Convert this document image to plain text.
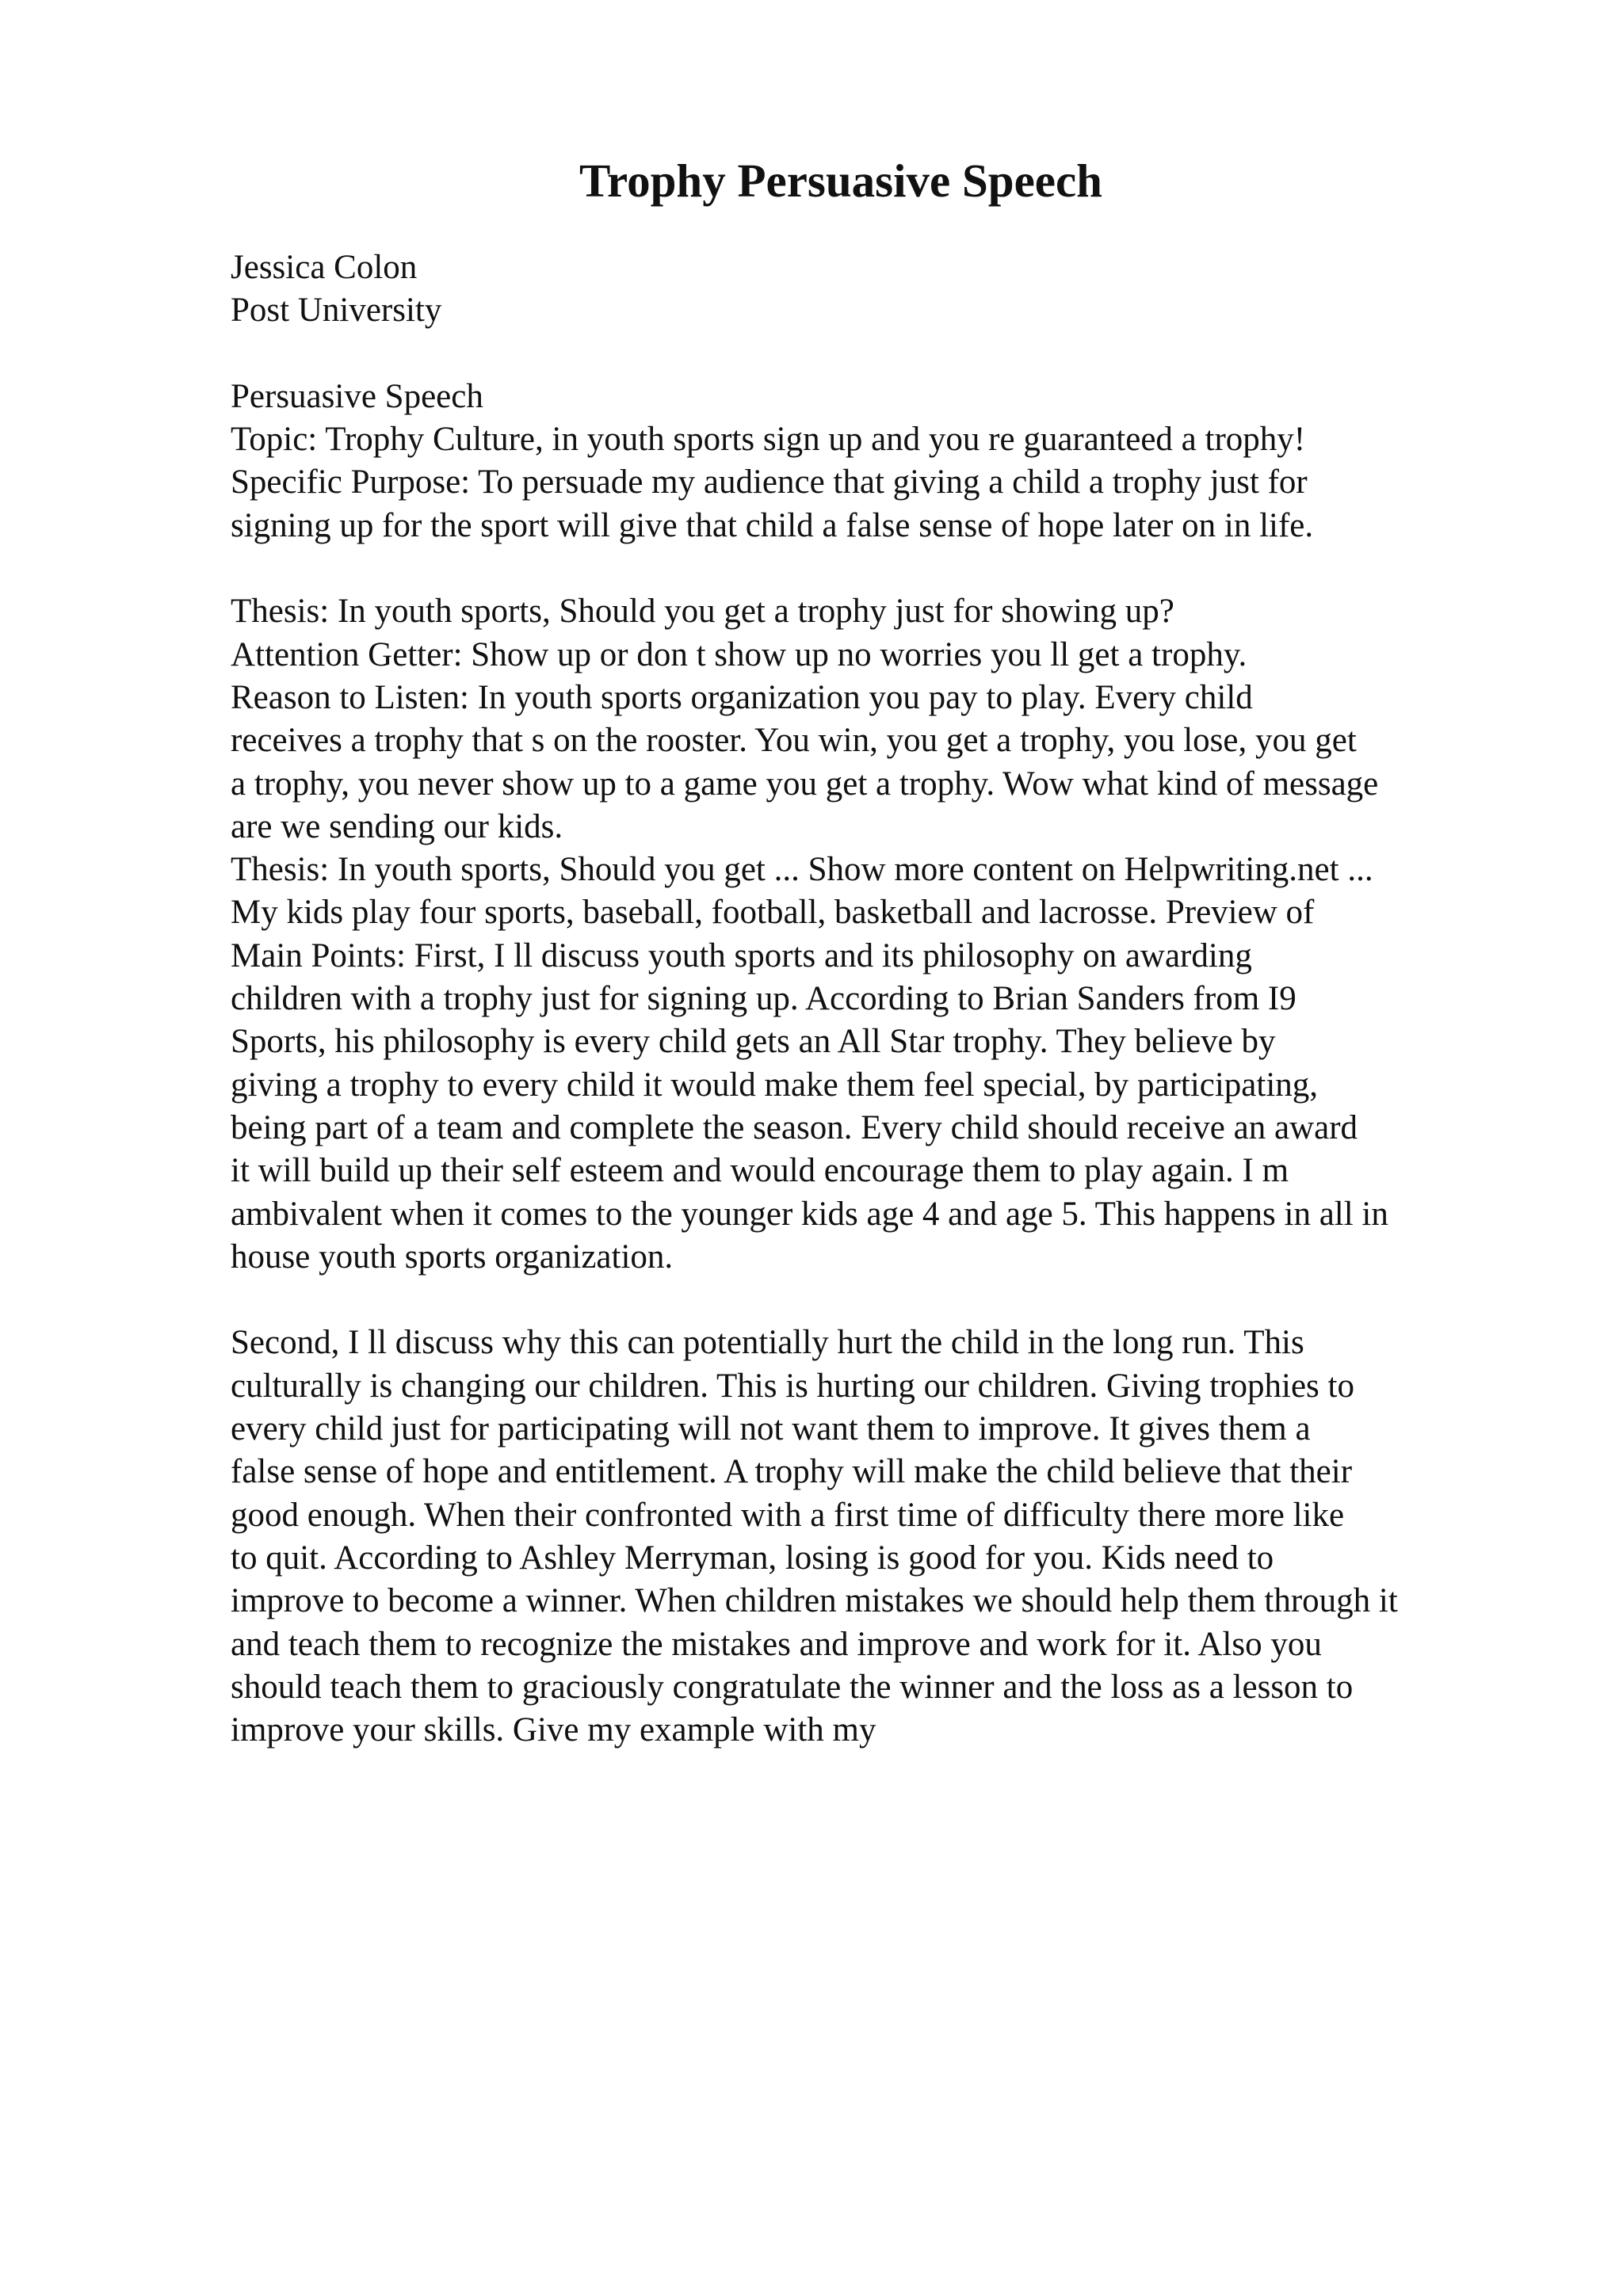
Trophy Persuasive Speech
Jessica Colon
Post University
Persuasive Speech
Topic: Trophy Culture, in youth sports sign up and you re guaranteed a trophy!
Specific Purpose: To persuade my audience that giving a child a trophy just for
signing up for the sport will give that child a false sense of hope later on in life.
Thesis: In youth sports, Should you get a trophy just for showing up?
Attention Getter: Show up or don t show up no worries you ll get a trophy.
Reason to Listen: In youth sports organization you pay to play. Every child
receives a trophy that s on the rooster. You win, you get a trophy, you lose, you get
a trophy, you never show up to a game you get a trophy. Wow what kind of message
are we sending our kids.
Thesis: In youth sports, Should you get ... Show more content on Helpwriting.net ...
My kids play four sports, baseball, football, basketball and lacrosse. Preview of
Main Points: First, I ll discuss youth sports and its philosophy on awarding
children with a trophy just for signing up. According to Brian Sanders from I9
Sports, his philosophy is every child gets an All Star trophy. They believe by
giving a trophy to every child it would make them feel special, by participating,
being part of a team and complete the season. Every child should receive an award
it will build up their self esteem and would encourage them to play again. I m
ambivalent when it comes to the younger kids age 4 and age 5. This happens in all in
house youth sports organization.
Second, I ll discuss why this can potentially hurt the child in the long run. This
culturally is changing our children. This is hurting our children. Giving trophies to
every child just for participating will not want them to improve. It gives them a
false sense of hope and entitlement. A trophy will make the child believe that their
good enough. When their confronted with a first time of difficulty there more like
to quit. According to Ashley Merryman, losing is good for you. Kids need to
improve to become a winner. When children mistakes we should help them through it
and teach them to recognize the mistakes and improve and work for it. Also you
should teach them to graciously congratulate the winner and the loss as a lesson to
improve your skills. Give my example with my
